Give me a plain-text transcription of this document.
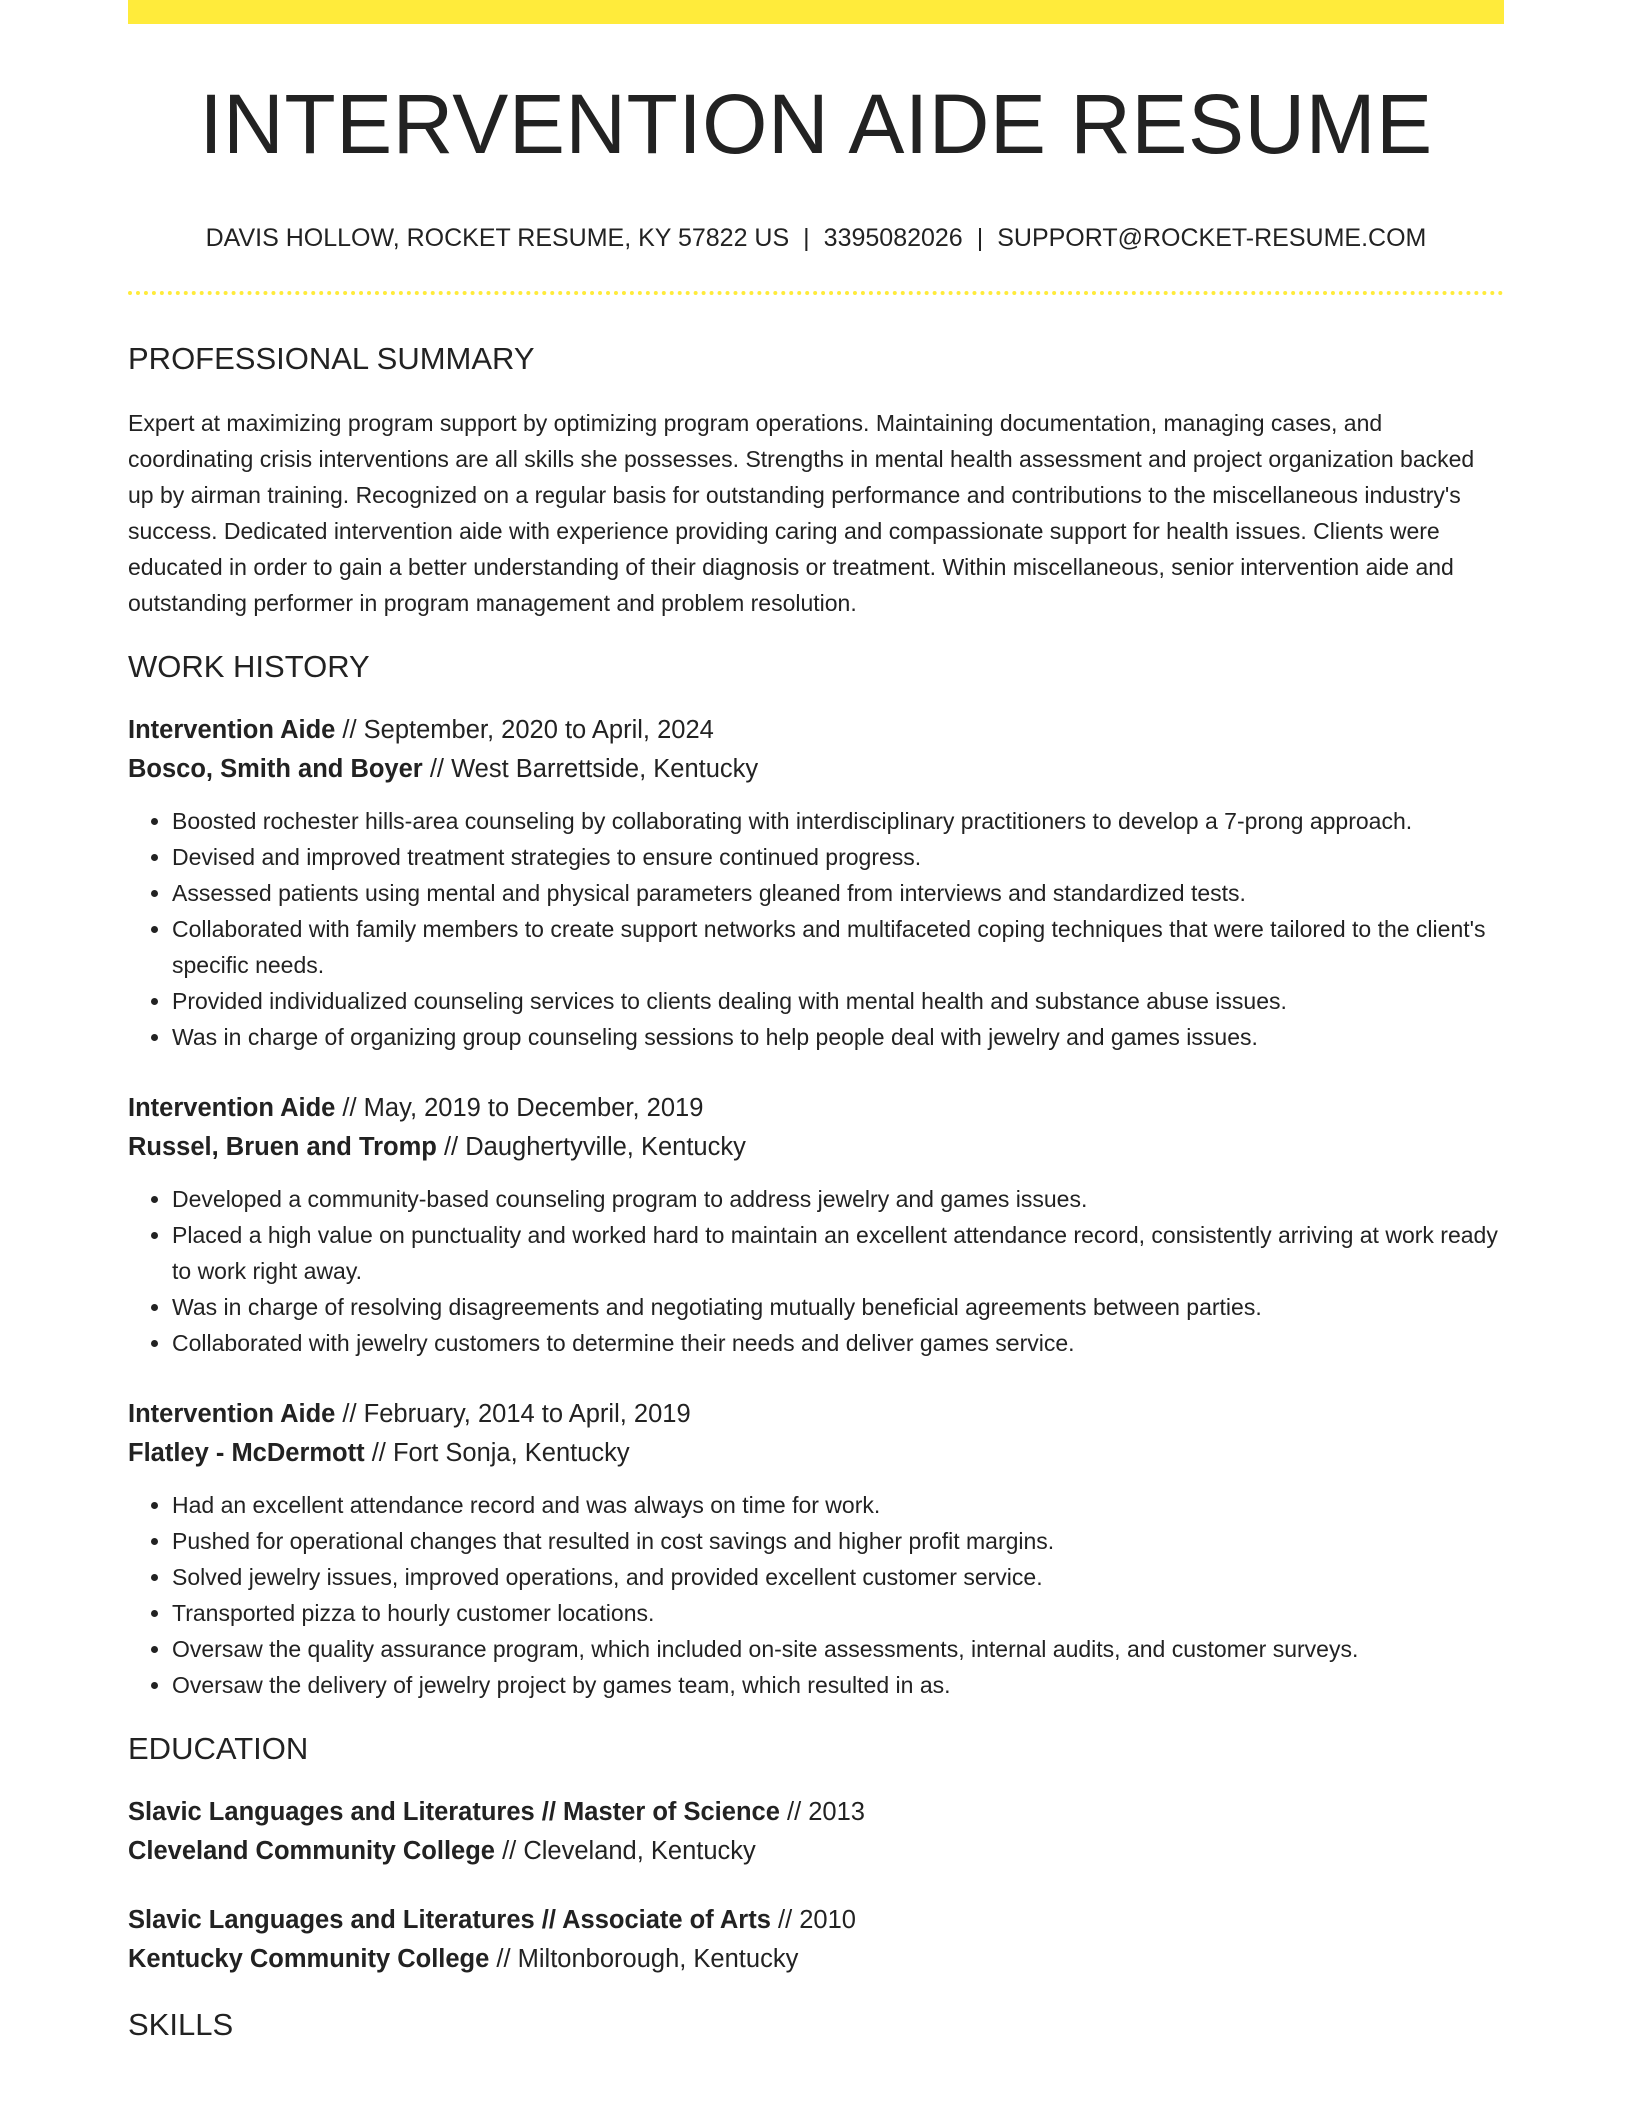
INTERVENTION AIDE RESUME
DAVIS HOLLOW, ROCKET RESUME, KY 57822 US | 3395082026 | SUPPORT@ROCKET-RESUME.COM
PROFESSIONAL SUMMARY
Expert at maximizing program support by optimizing program operations. Maintaining documentation, managing cases, and coordinating crisis interventions are all skills she possesses. Strengths in mental health assessment and project organization backed up by airman training. Recognized on a regular basis for outstanding performance and contributions to the miscellaneous industry's success. Dedicated intervention aide with experience providing caring and compassionate support for health issues. Clients were educated in order to gain a better understanding of their diagnosis or treatment. Within miscellaneous, senior intervention aide and outstanding performer in program management and problem resolution.
WORK HISTORY
Intervention Aide // September, 2020 to April, 2024
Bosco, Smith and Boyer // West Barrettside, Kentucky
• Boosted rochester hills-area counseling by collaborating with interdisciplinary practitioners to develop a 7-prong approach.
• Devised and improved treatment strategies to ensure continued progress.
• Assessed patients using mental and physical parameters gleaned from interviews and standardized tests.
• Collaborated with family members to create support networks and multifaceted coping techniques that were tailored to the client's specific needs.
• Provided individualized counseling services to clients dealing with mental health and substance abuse issues.
• Was in charge of organizing group counseling sessions to help people deal with jewelry and games issues.
Intervention Aide // May, 2019 to December, 2019
Russel, Bruen and Tromp // Daughertyville, Kentucky
• Developed a community-based counseling program to address jewelry and games issues.
• Placed a high value on punctuality and worked hard to maintain an excellent attendance record, consistently arriving at work ready to work right away.
• Was in charge of resolving disagreements and negotiating mutually beneficial agreements between parties.
• Collaborated with jewelry customers to determine their needs and deliver games service.
Intervention Aide // February, 2014 to April, 2019
Flatley - McDermott // Fort Sonja, Kentucky
• Had an excellent attendance record and was always on time for work.
• Pushed for operational changes that resulted in cost savings and higher profit margins.
• Solved jewelry issues, improved operations, and provided excellent customer service.
• Transported pizza to hourly customer locations.
• Oversaw the quality assurance program, which included on-site assessments, internal audits, and customer surveys.
• Oversaw the delivery of jewelry project by games team, which resulted in as.
EDUCATION
Slavic Languages and Literatures // Master of Science // 2013
Cleveland Community College // Cleveland, Kentucky
Slavic Languages and Literatures // Associate of Arts // 2010
Kentucky Community College // Miltonborough, Kentucky
SKILLS
